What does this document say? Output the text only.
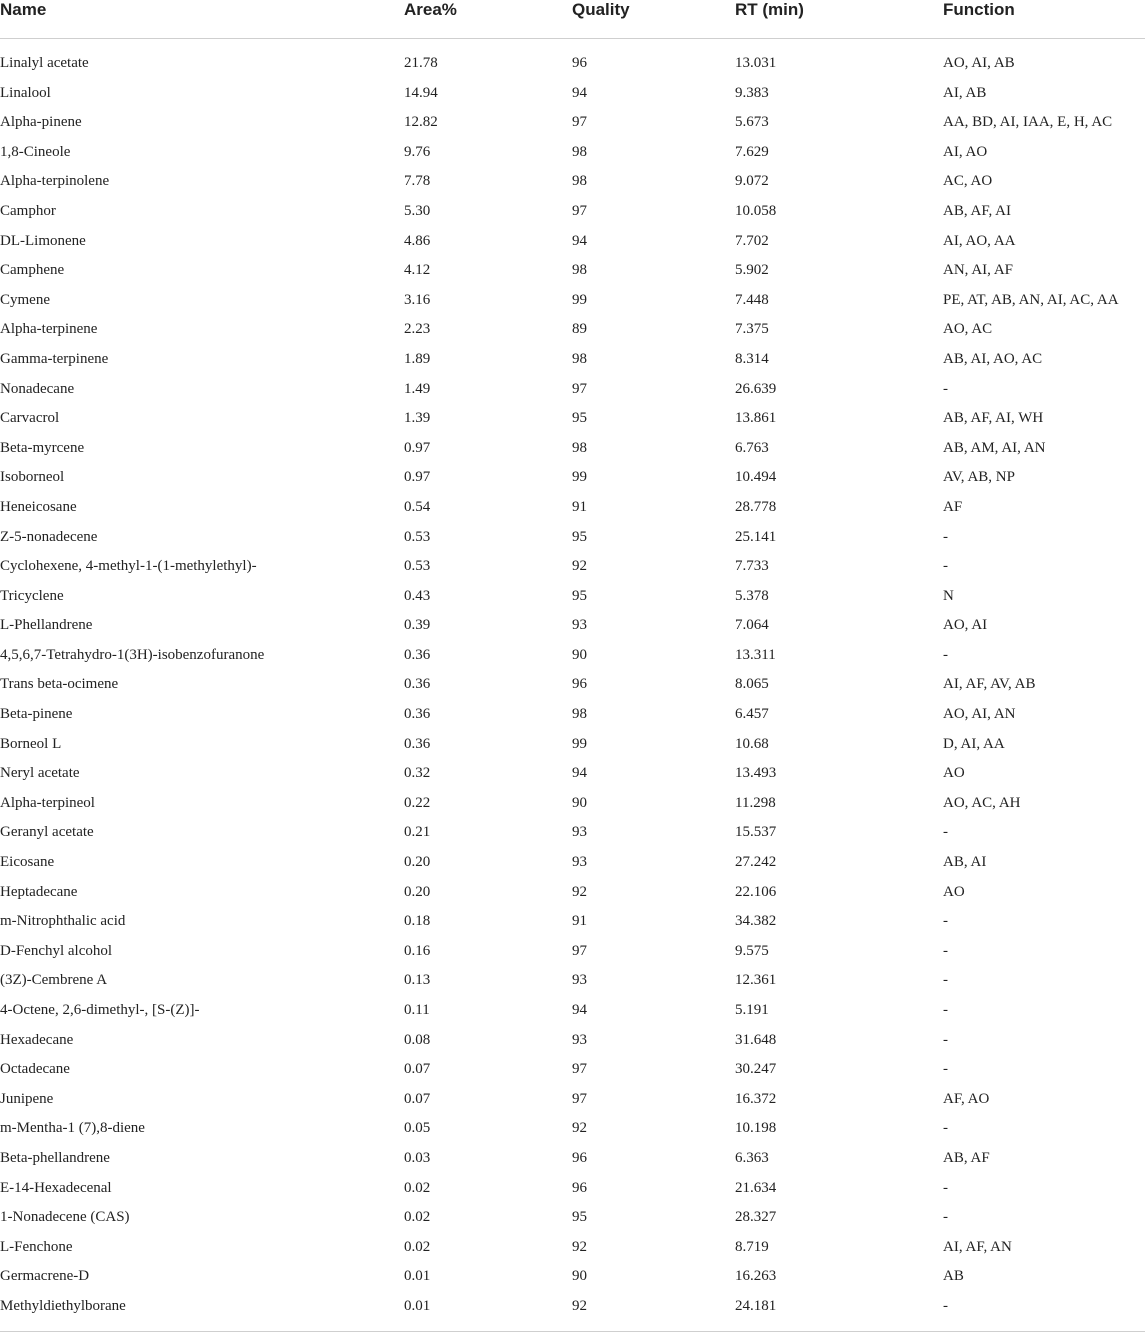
Name	Area%	Quality	RT (min)	Function
Linalyl acetate	21.78	96	13.031	AO, AI, AB
Linalool	14.94	94	9.383	AI, AB
Alpha-pinene	12.82	97	5.673	AA, BD, AI, IAA, E, H, AC
1,8-Cineole	9.76	98	7.629	AI, AO
Alpha-terpinolene	7.78	98	9.072	AC, AO
Camphor	5.30	97	10.058	AB, AF, AI
DL-Limonene	4.86	94	7.702	AI, AO, AA
Camphene	4.12	98	5.902	AN, AI, AF
Cymene	3.16	99	7.448	PE, AT, AB, AN, AI, AC, AA
Alpha-terpinene	2.23	89	7.375	AO, AC
Gamma-terpinene	1.89	98	8.314	AB, AI, AO, AC
Nonadecane	1.49	97	26.639	-
Carvacrol	1.39	95	13.861	AB, AF, AI, WH
Beta-myrcene	0.97	98	6.763	AB, AM, AI, AN
Isoborneol	0.97	99	10.494	AV, AB, NP
Heneicosane	0.54	91	28.778	AF
Z-5-nonadecene	0.53	95	25.141	-
Cyclohexene, 4-methyl-1-(1-methylethyl)-	0.53	92	7.733	-
Tricyclene	0.43	95	5.378	N
L-Phellandrene	0.39	93	7.064	AO, AI
4,5,6,7-Tetrahydro-1(3H)-isobenzofuranone	0.36	90	13.311	-
Trans beta-ocimene	0.36	96	8.065	AI, AF, AV, AB
Beta-pinene	0.36	98	6.457	AO, AI, AN
Borneol L	0.36	99	10.68	D, AI, AA
Neryl acetate	0.32	94	13.493	AO
Alpha-terpineol	0.22	90	11.298	AO, AC, AH
Geranyl acetate	0.21	93	15.537	-
Eicosane	0.20	93	27.242	AB, AI
Heptadecane	0.20	92	22.106	AO
m-Nitrophthalic acid	0.18	91	34.382	-
D-Fenchyl alcohol	0.16	97	9.575	-
(3Z)-Cembrene A	0.13	93	12.361	-
4-Octene, 2,6-dimethyl-, [S-(Z)]-	0.11	94	5.191	-
Hexadecane	0.08	93	31.648	-
Octadecane	0.07	97	30.247	-
Junipene	0.07	97	16.372	AF, AO
m-Mentha-1 (7),8-diene	0.05	92	10.198	-
Beta-phellandrene	0.03	96	6.363	AB, AF
E-14-Hexadecenal	0.02	96	21.634	-
1-Nonadecene (CAS)	0.02	95	28.327	-
L-Fenchone	0.02	92	8.719	AI, AF, AN
Germacrene-D	0.01	90	16.263	AB
Methyldiethylborane	0.01	92	24.181	-
